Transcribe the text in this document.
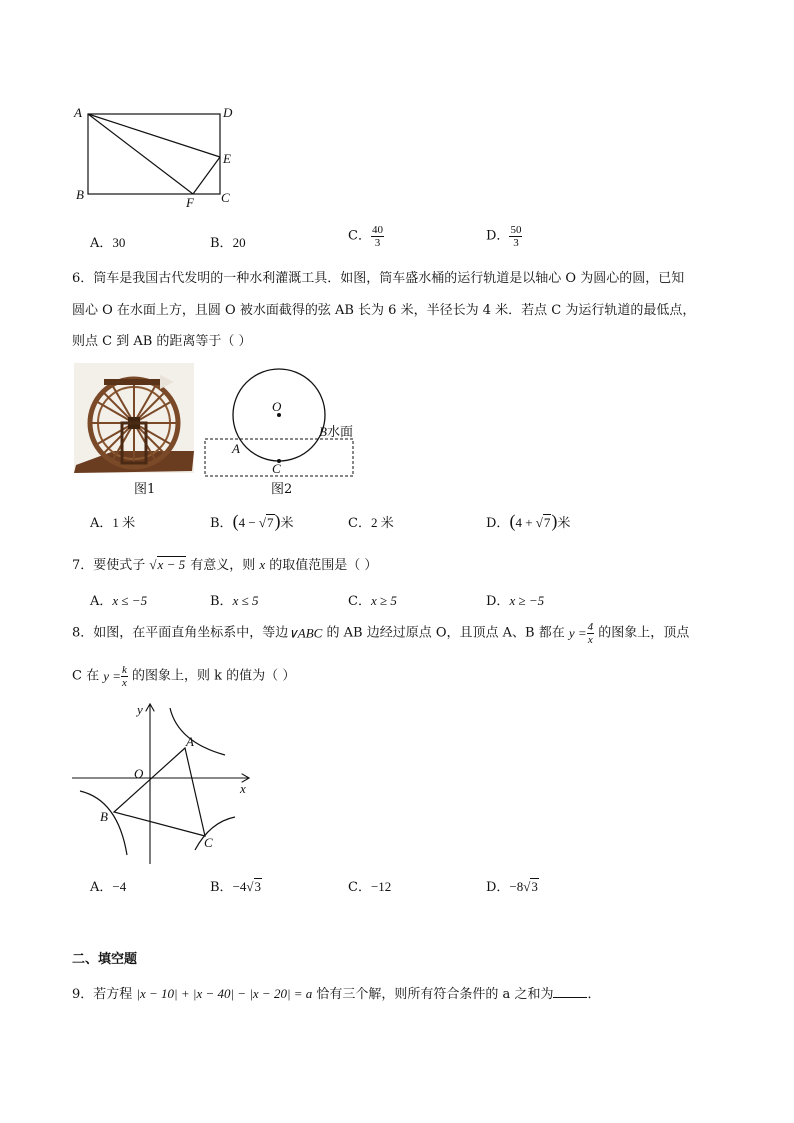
A	D
E
B
F C
A．30	B．20	C． $\frac{40}{3}$	D． $\frac{50}{3}$
6．筒车是我国古代发明的一种水利灌溉工具．如图，筒车盛水桶的运行轨道是以轴心 O 为圆心的圆，已知
圆心 O 在水面上方，且圆 O 被水面截得的弦 AB 长为 6 米，半径长为 4 米．若点 C 为运行轨道的最低点，
则点 C 到 AB 的距离等于（ ）
图1
O
B水面
A
C
图2
A．1 米	B．(4 − √7)米	C．2 米	D．(4 + √7)米
7．要使式子 √x − 5 有意义，则 x 的取值范围是（ ）
A．x ≤ −5	B．x ≤ 5	C．x ≥ 5	D．x ≥ −5
8．如图，在平面直角坐标系中，等边∨ABC 的 AB 边经过原点 O，且顶点 A、B 都在 $y = \frac{4}{x}$ 的图象上，顶点
C 在 $y = \frac{k}{x}$ 的图象上，则 k 的值为（ ）
y
x
O
A
B
C
A．−4	B．−4√3	C．−12	D．−8√3
二、填空题
9．若方程 |x − 10| + |x − 40| − |x − 20| = a 恰有三个解，则所有符合条件的 a 之和为	．
